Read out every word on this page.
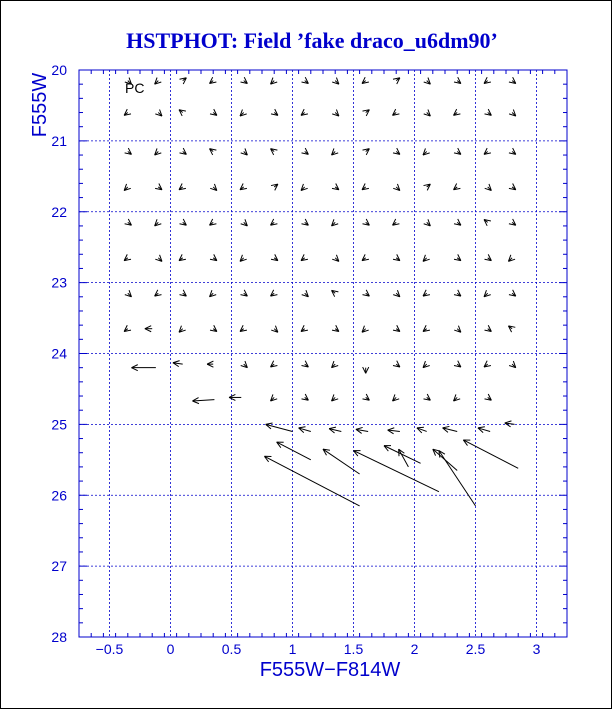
HSTPHOT: Field ’fake draco_u6dm90’
−0.5	0	0.5	1	1.5	2	2.5	3
20
21
22
23
24
25
26
27
28
PC
F555W−F814W
F555W
